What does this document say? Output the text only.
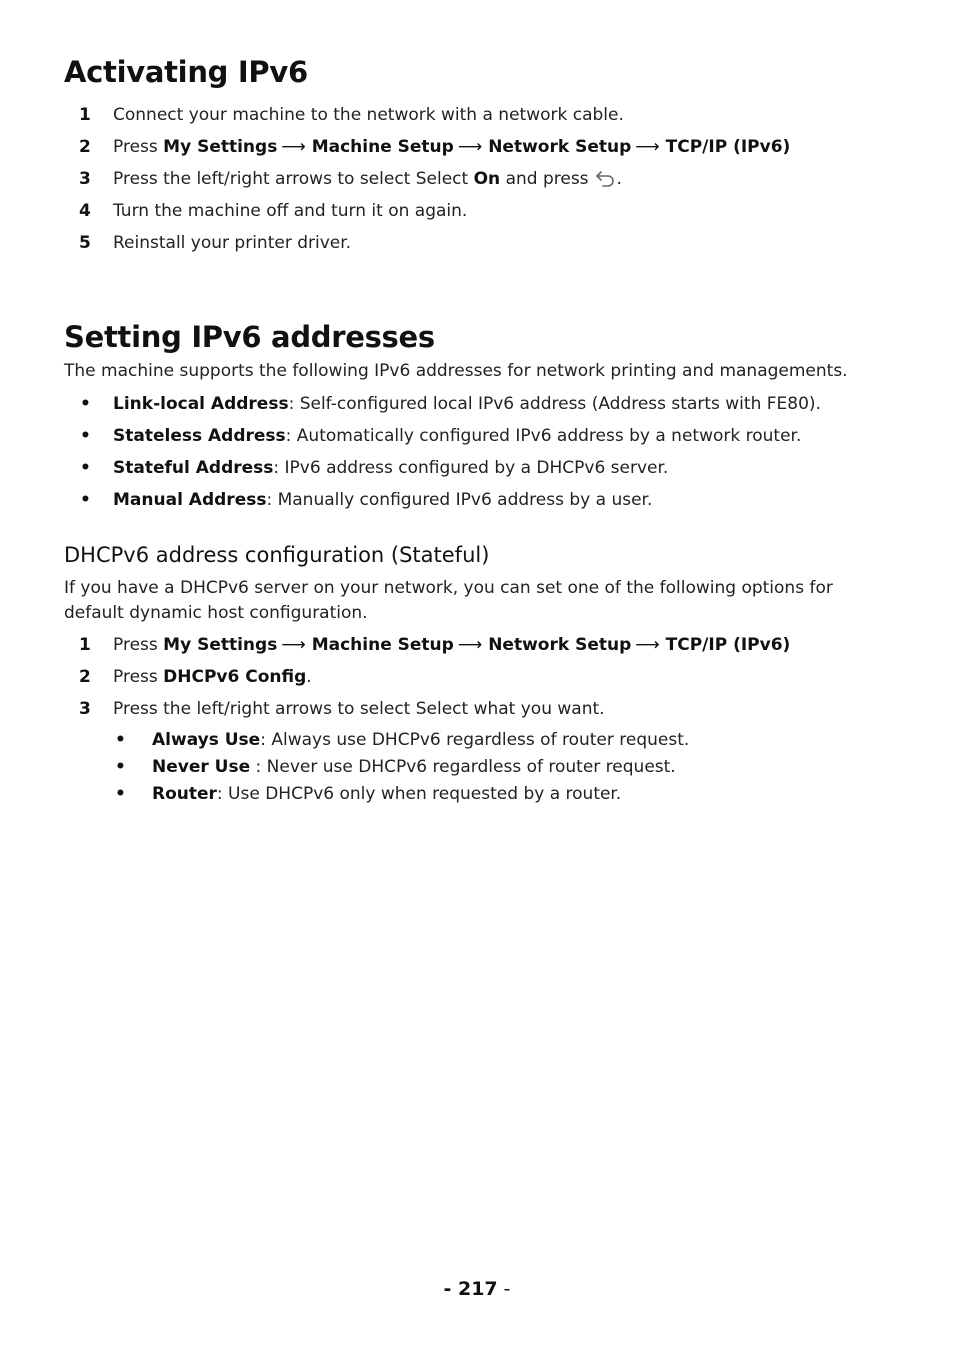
Activating IPv6
1 Connect your machine to the network with a network cable.
2 Press My Settings ⟶ Machine Setup ⟶ Network Setup ⟶ TCP/IP (IPv6)
3 Press the left/right arrows to select Select On and press .
4 Turn the machine off and turn it on again.
5 Reinstall your printer driver.
Setting IPv6 addresses

The machine supports the following IPv6 addresses for network printing and managements.

• Link-local Address: Self-configured local IPv6 address (Address starts with FE80).
• Stateless Address: Automatically configured IPv6 address by a network router.
• Stateful Address: IPv6 address configured by a DHCPv6 server.
• Manual Address: Manually configured IPv6 address by a user.
DHCPv6 address configuration (Stateful)

If you have a DHCPv6 server on your network, you can set one of the following options for
default dynamic host configuration.

1 Press My Settings ⟶ Machine Setup ⟶ Network Setup ⟶ TCP/IP (IPv6)
2 Press DHCPv6 Config.
3 Press the left/right arrows to select Select what you want.
• Always Use: Always use DHCPv6 regardless of router request.
• Never Use : Never use DHCPv6 regardless of router request.
• Router: Use DHCPv6 only when requested by a router.
- 217 -
